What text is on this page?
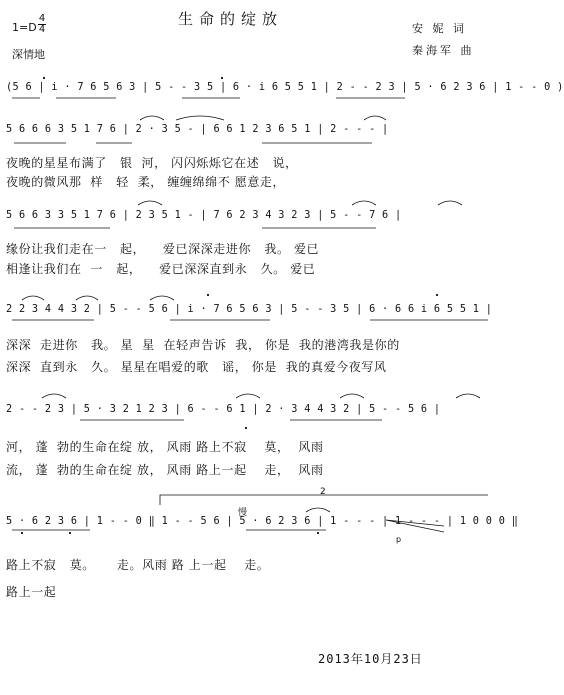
生命的绽放
1=D
4
4
深情地
安 妮 词
秦海军 曲
(5 6 | i · 7 6 5 6 3 | 5 - - 3 5 | 6 · i 6 5 5 1 | 2 - - 2 3 | 5 · 6 2 3 6 | 1 - - 0 )
5 6 6 6 3 5 1 7 6 | 2 · 3 5 - | 6 6 1 2 3 6 5 1 | 2 - - - |
夜晚的星星布满了   银  河， 闪闪烁烁它在述   说，
夜晚的微风那  样   轻  柔， 缠缠绵绵不 愿意走，
5 6 6 3 3 5 1 7 6 | 2 3 5 1 - | 7 6 2 3 4 3 2 3 | 5 - - 7 6 |
缘份让我们走在一   起，    爱已深深走进你   我。 爱已
相逢让我们在  一   起，    爱已深深直到永   久。 爱已
2 2 3 4 4 3 2 | 5 - - 5 6 | i · 7 6 5 6 3 | 5 - - 3 5 | 6 · 6 6 i 6 5 5 1 |
深深  走进你   我。 星  星  在轻声告诉  我， 你是  我的港湾我是你的
深深  直到永   久。 星星在唱爱的歌   谣， 你是  我的真爱今夜写风
2 - - 2 3 | 5 · 3 2 1 2 3 | 6 - - 6 1 | 2 · 3 4 4 3 2 | 5 - - 5 6 |
河， 蓬  勃的生命在绽 放， 风雨 路上不寂    莫，  风雨
流， 蓬  勃的生命在绽 放， 风雨 路上一起    走，  风雨
2
慢
5 · 6 2 3 6 | 1 - - 0 ‖ 1 - - 5 6 | 5 · 6 2 3 6 | 1 - - - | 1 - - - | 1 0 0 0 ‖
p
路上不寂   莫。     走。风雨 路 上一起    走。
路上一起
2013年10月23日
